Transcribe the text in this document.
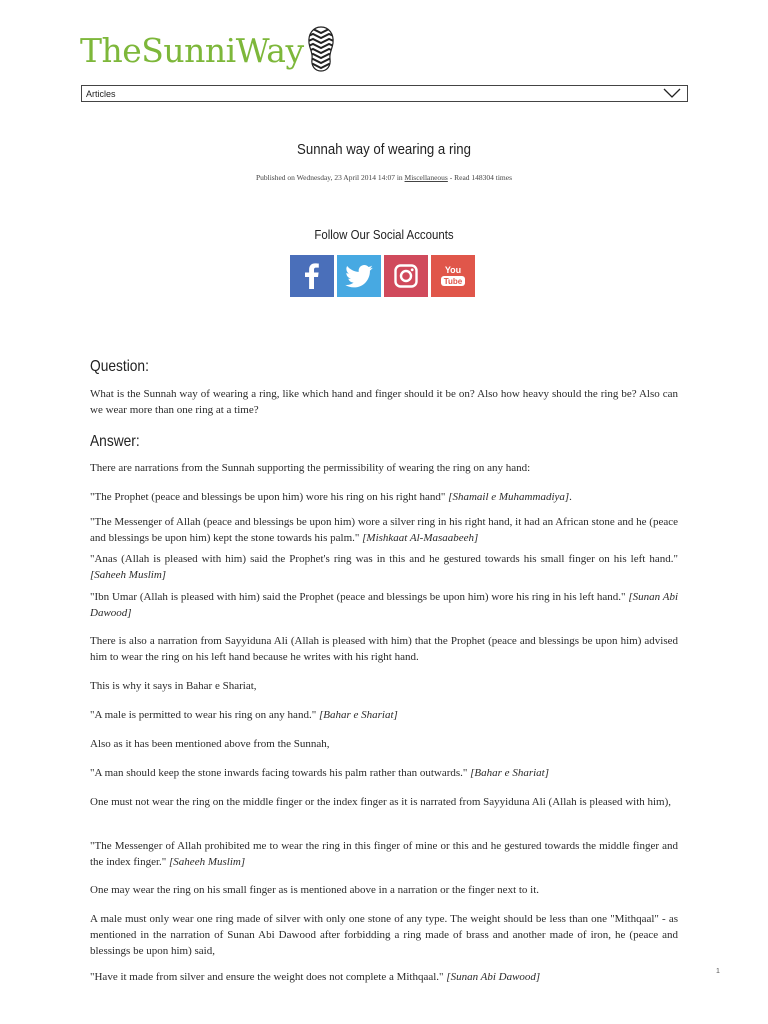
TheSunniWay
Articles
Sunnah way of wearing a ring
Published on Wednesday, 23 April 2014 14:07 in Miscellaneous - Read 148304 times
Follow Our Social Accounts
You
Tube
Question:

What is the Sunnah way of wearing a ring, like which hand and finger should it be on? Also how heavy should the ring be? Also can we wear more than one ring at a time?

Answer:

There are narrations from the Sunnah supporting the permissibility of wearing the ring on any hand:

"The Prophet (peace and blessings be upon him) wore his ring on his right hand" [Shamail e Muhammadiya].

"The Messenger of Allah (peace and blessings be upon him) wore a silver ring in his right hand, it had an African stone and he (peace and blessings be upon him) kept the stone towards his palm." [Mishkaat Al-Masaabeeh]

"Anas (Allah is pleased with him) said the Prophet's ring was in this and he gestured towards his small finger on his left hand." [Saheeh Muslim]

"Ibn Umar (Allah is pleased with him) said the Prophet (peace and blessings be upon him) wore his ring in his left hand." [Sunan Abi Dawood]

There is also a narration from Sayyiduna Ali (Allah is pleased with him) that the Prophet (peace and blessings be upon him) advised him to wear the ring on his left hand because he writes with his right hand.

This is why it says in Bahar e Shariat,

"A male is permitted to wear his ring on any hand." [Bahar e Shariat]

Also as it has been mentioned above from the Sunnah,

"A man should keep the stone inwards facing towards his palm rather than outwards." [Bahar e Shariat]

One must not wear the ring on the middle finger or the index finger as it is narrated from Sayyiduna Ali (Allah is pleased with him),

"The Messenger of Allah prohibited me to wear the ring in this finger of mine or this and he gestured towards the middle finger and the index finger." [Saheeh Muslim]

One may wear the ring on his small finger as is mentioned above in a narration or the finger next to it.

A male must only wear one ring made of silver with only one stone of any type. The weight should be less than one "Mithqaal" - as mentioned in the narration of Sunan Abi Dawood after forbidding a ring made of brass and another made of iron, he (peace and blessings be upon him) said,

"Have it made from silver and ensure the weight does not complete a Mithqaal." [Sunan Abi Dawood]	1
